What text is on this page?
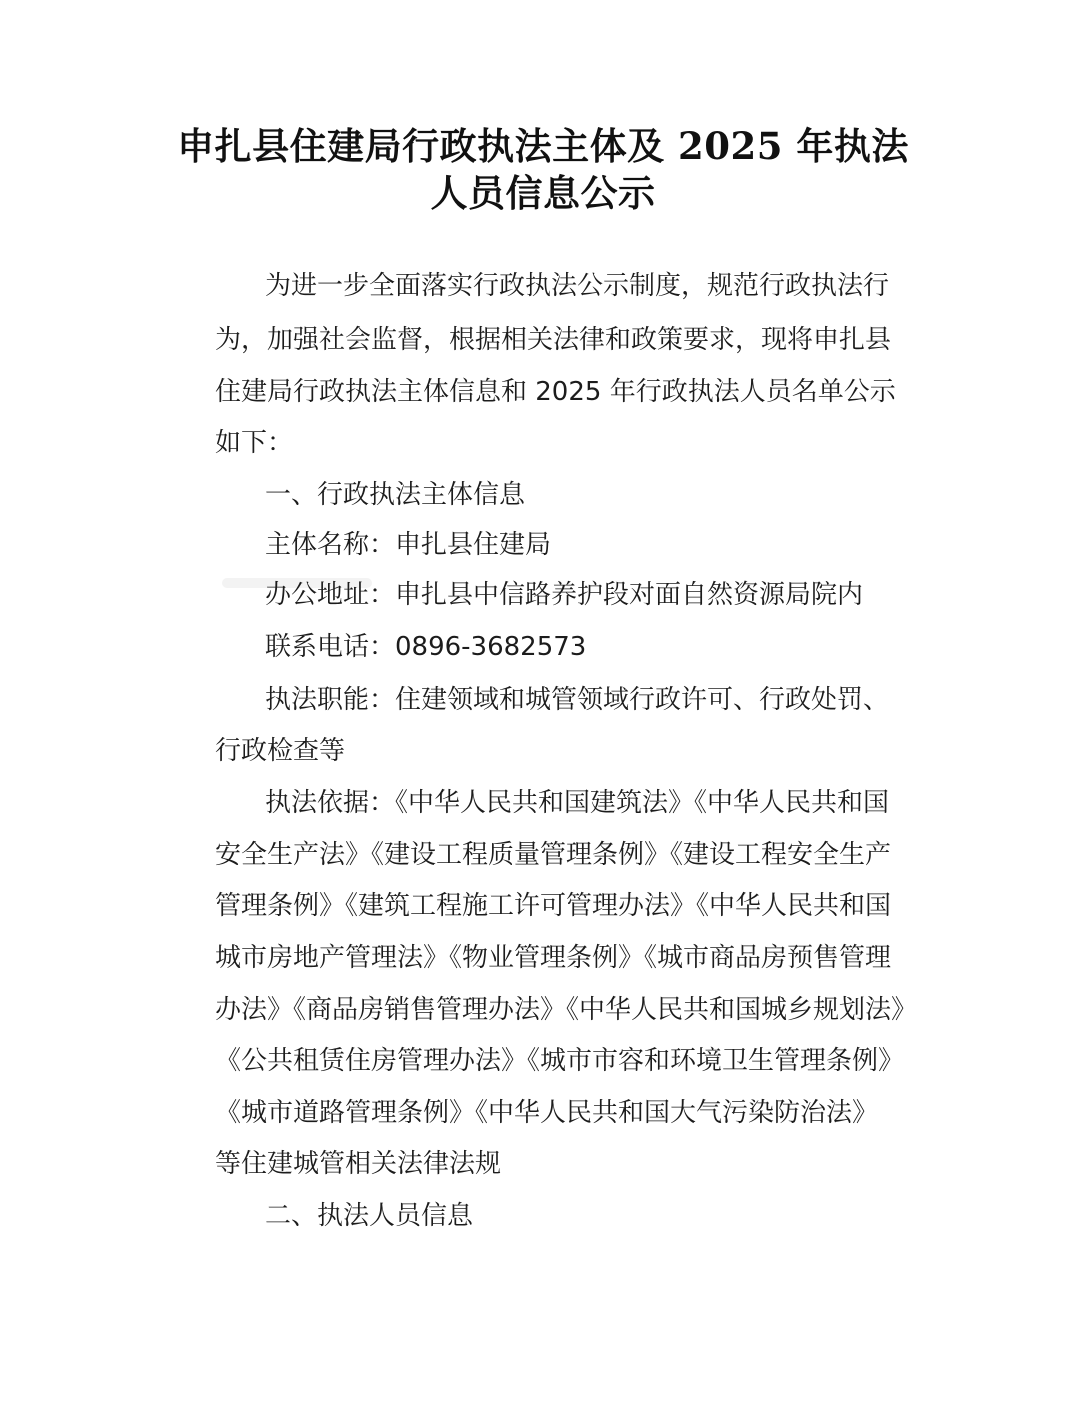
申扎县住建局行政执法主体及 2025 年执法
人员信息公示

为进一步全面落实行政执法公示制度，规范行政执法行

为，加强社会监督，根据相关法律和政策要求，现将申扎县

住建局行政执法主体信息和 2025 年行政执法人员名单公示

如下：

一、行政执法主体信息

主体名称：申扎县住建局

办公地址：申扎县中信路养护段对面自然资源局院内

联系电话：0896-3682573

执法职能：住建领域和城管领域行政许可、行政处罚、

行政检查等

执法依据：《中华人民共和国建筑法》《中华人民共和国

安全生产法》《建设工程质量管理条例》《建设工程安全生产

管理条例》《建筑工程施工许可管理办法》《中华人民共和国

城市房地产管理法》《物业管理条例》《城市商品房预售管理

办法》《商品房销售管理办法》《中华人民共和国城乡规划法》

《公共租赁住房管理办法》《城市市容和环境卫生管理条例》

《城市道路管理条例》《中华人民共和国大气污染防治法》

等住建城管相关法律法规

二、执法人员信息
